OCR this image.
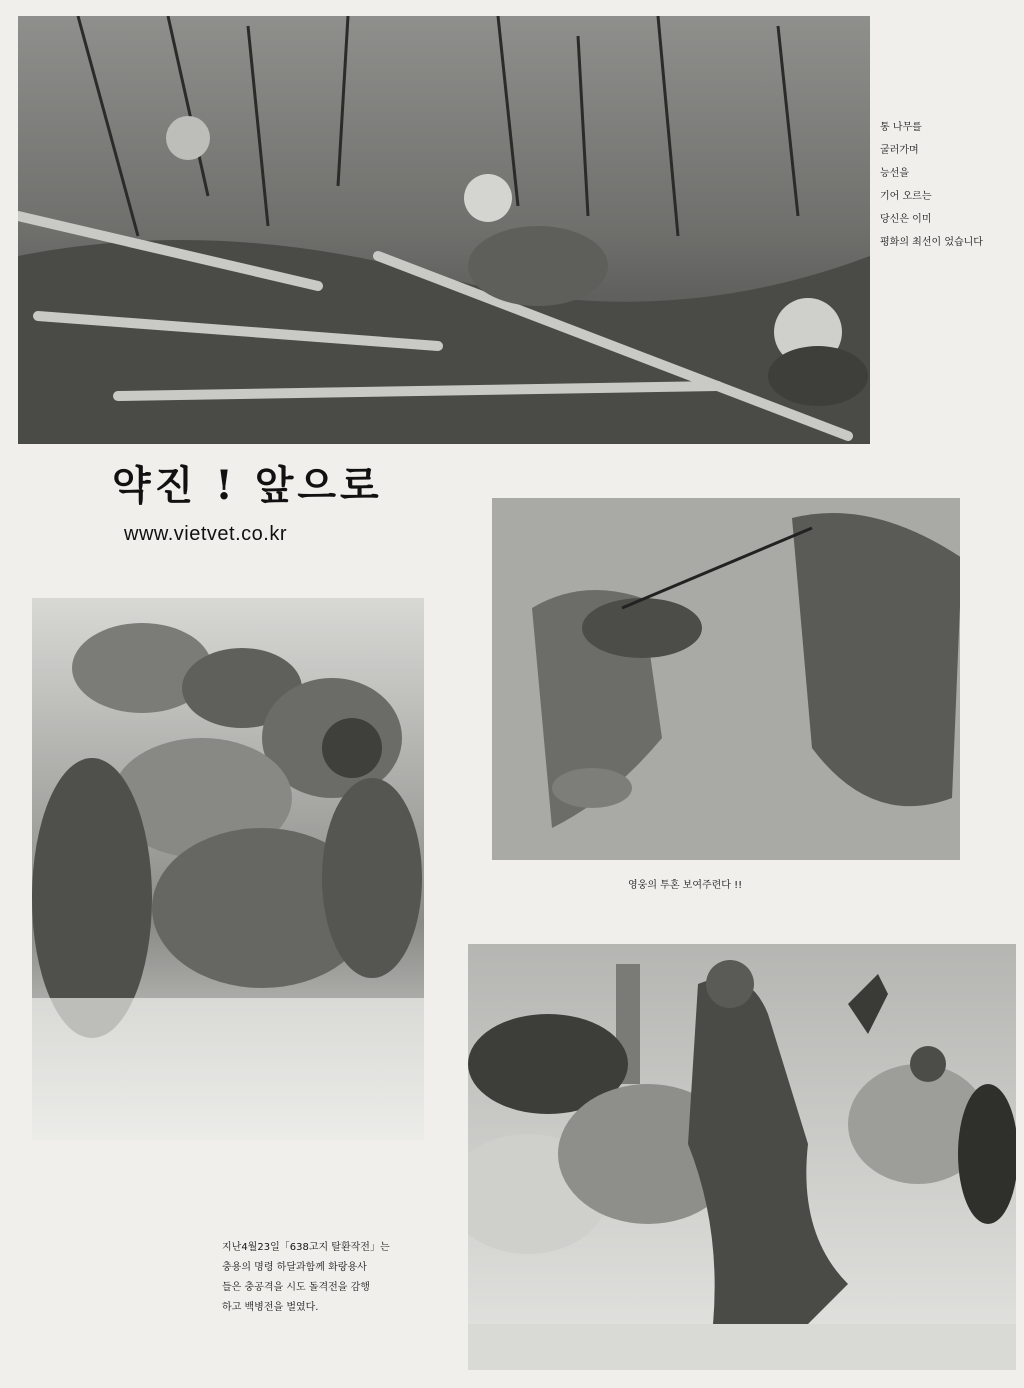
통 나무를
굴러가며
능선을
기어 오르는
당신은 이미
평화의 최선이 었습니다
약진 ! 앞으로
www.vietvet.co.kr
영웅의 투혼 보여주련다 !!
지난4월23일「638고지 탈환작전」는
충용의 명령 하달과함께 화랑용사
들은 충공격을 시도 돌격전을 감행
하고 백병전을 벌였다.
